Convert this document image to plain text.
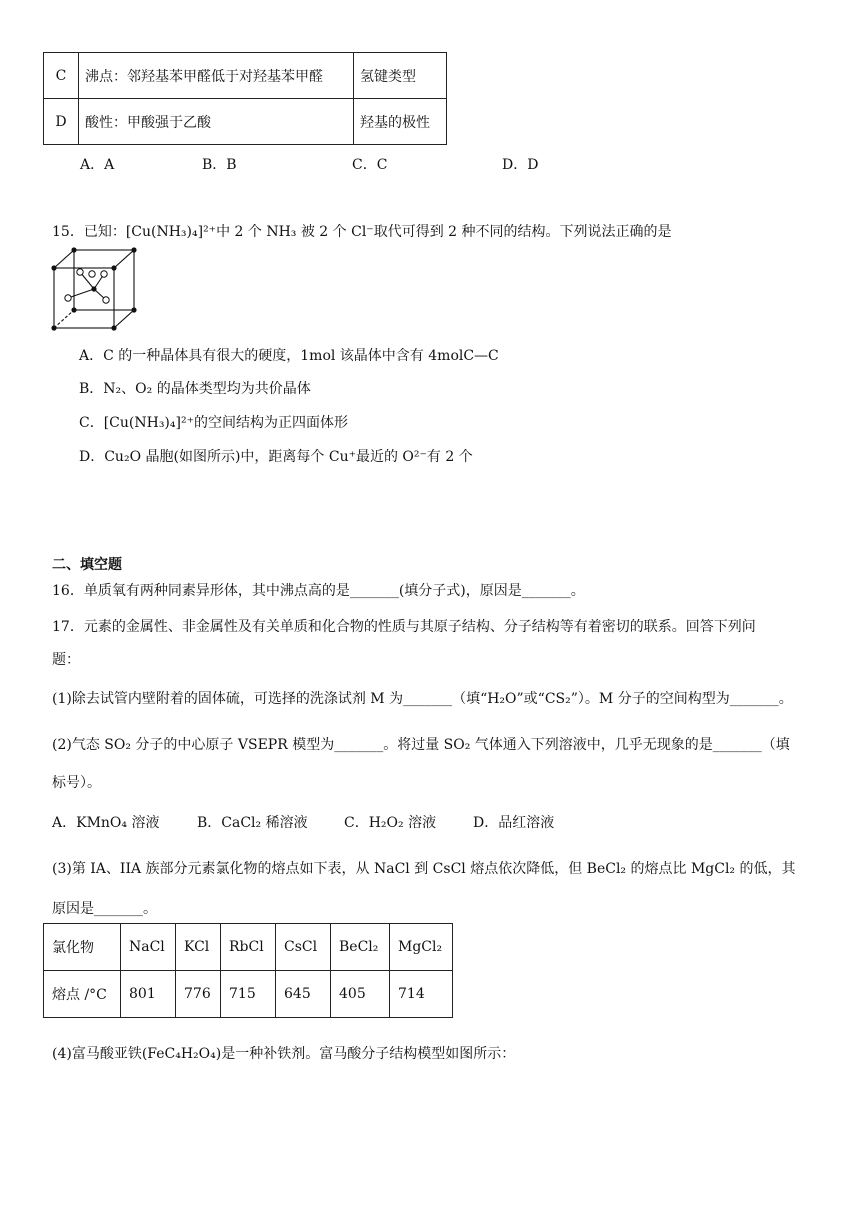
C	沸点：邻羟基苯甲醛低于对羟基苯甲醛	氢键类型
D	酸性：甲酸强于乙酸	羟基的极性
A．A	B．B	C．C	D．D
15．已知：[Cu(NH₃)₄]²⁺中 2 个 NH₃ 被 2 个 Cl⁻取代可得到 2 种不同的结构。下列说法正确的是
A．C 的一种晶体具有很大的硬度，1mol 该晶体中含有 4molC—C
B．N₂、O₂ 的晶体类型均为共价晶体
C．[Cu(NH₃)₄]²⁺的空间结构为正四面体形
D．Cu₂O 晶胞(如图所示)中，距离每个 Cu⁺最近的 O²⁻有 2 个
二、填空题
16．单质氧有两种同素异形体，其中沸点高的是_______(填分子式)，原因是_______。
17．元素的金属性、非金属性及有关单质和化合物的性质与其原子结构、分子结构等有着密切的联系。回答下列问
题：
(1)除去试管内壁附着的固体硫，可选择的洗涤试剂 M 为_______（填“H₂O”或“CS₂”）。M 分子的空间构型为_______。
(2)气态 SO₂ 分子的中心原子 VSEPR 模型为_______。将过量 SO₂ 气体通入下列溶液中，几乎无现象的是_______（填
标号）。
A．KMnO₄ 溶液	B．CaCl₂ 稀溶液	C．H₂O₂ 溶液	D．品红溶液
(3)第 IA、IIA 族部分元素氯化物的熔点如下表，从 NaCl 到 CsCl 熔点依次降低，但 BeCl₂ 的熔点比 MgCl₂ 的低，其
原因是_______。
氯化物	NaCl	KCl	RbCl	CsCl	BeCl₂	MgCl₂
熔点 /°C	801	776	715	645	405	714
(4)富马酸亚铁(FeC₄H₂O₄)是一种补铁剂。富马酸分子结构模型如图所示：
